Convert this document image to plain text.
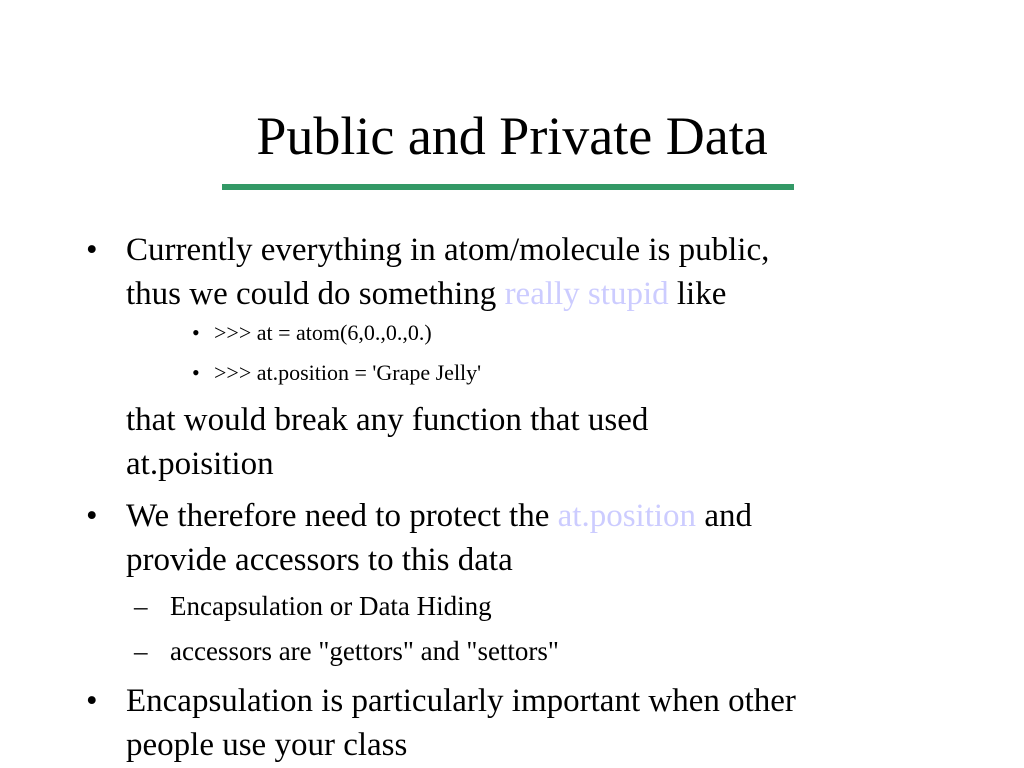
Public and Private Data
• Currently everything in atom/molecule is public,
thus we could do something really stupid like
• >>> at = atom(6,0.,0.,0.)
• >>> at.position = 'Grape Jelly'
that would break any function that used
at.poisition
• We therefore need to protect the at.position and
provide accessors to this data
– Encapsulation or Data Hiding
– accessors are "gettors" and "settors"
• Encapsulation is particularly important when other
people use your class
